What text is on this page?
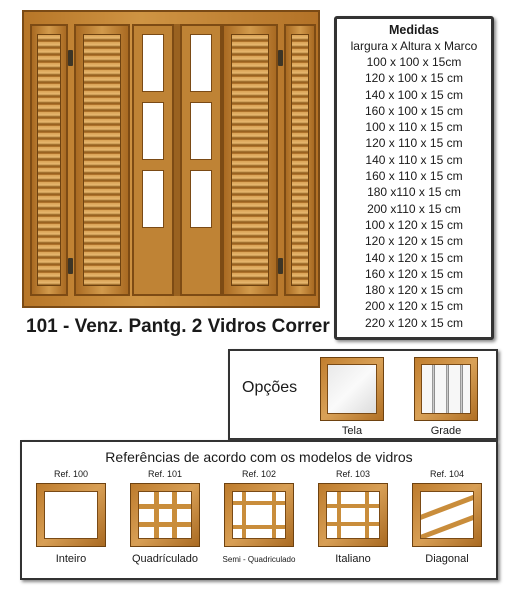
101 - Venz. Pantg. 2 Vidros Correr
Medidas
largura x Altura x Marco
100 x 100 x 15cm
120 x 100 x 15 cm
140 x 100 x 15 cm
160 x 100 x 15 cm
100 x 110 x 15 cm
120 x 110 x 15 cm
140 x 110 x 15 cm
160 x 110 x 15 cm
180 x110 x 15 cm
200 x110 x 15 cm
100 x 120 x 15 cm
120 x 120 x 15 cm
140 x 120 x 15 cm
160 x 120 x 15 cm
180 x 120 x 15 cm
200 x 120 x 15 cm
220 x 120 x 15 cm
Opções
Tela	Grade
Referências de acordo com os modelos de vidros
Ref. 100
Inteiro
Ref. 101
Quadrículado
Ref. 102
Semi - Quadriculado
Ref. 103
Italiano
Ref. 104
Diagonal
